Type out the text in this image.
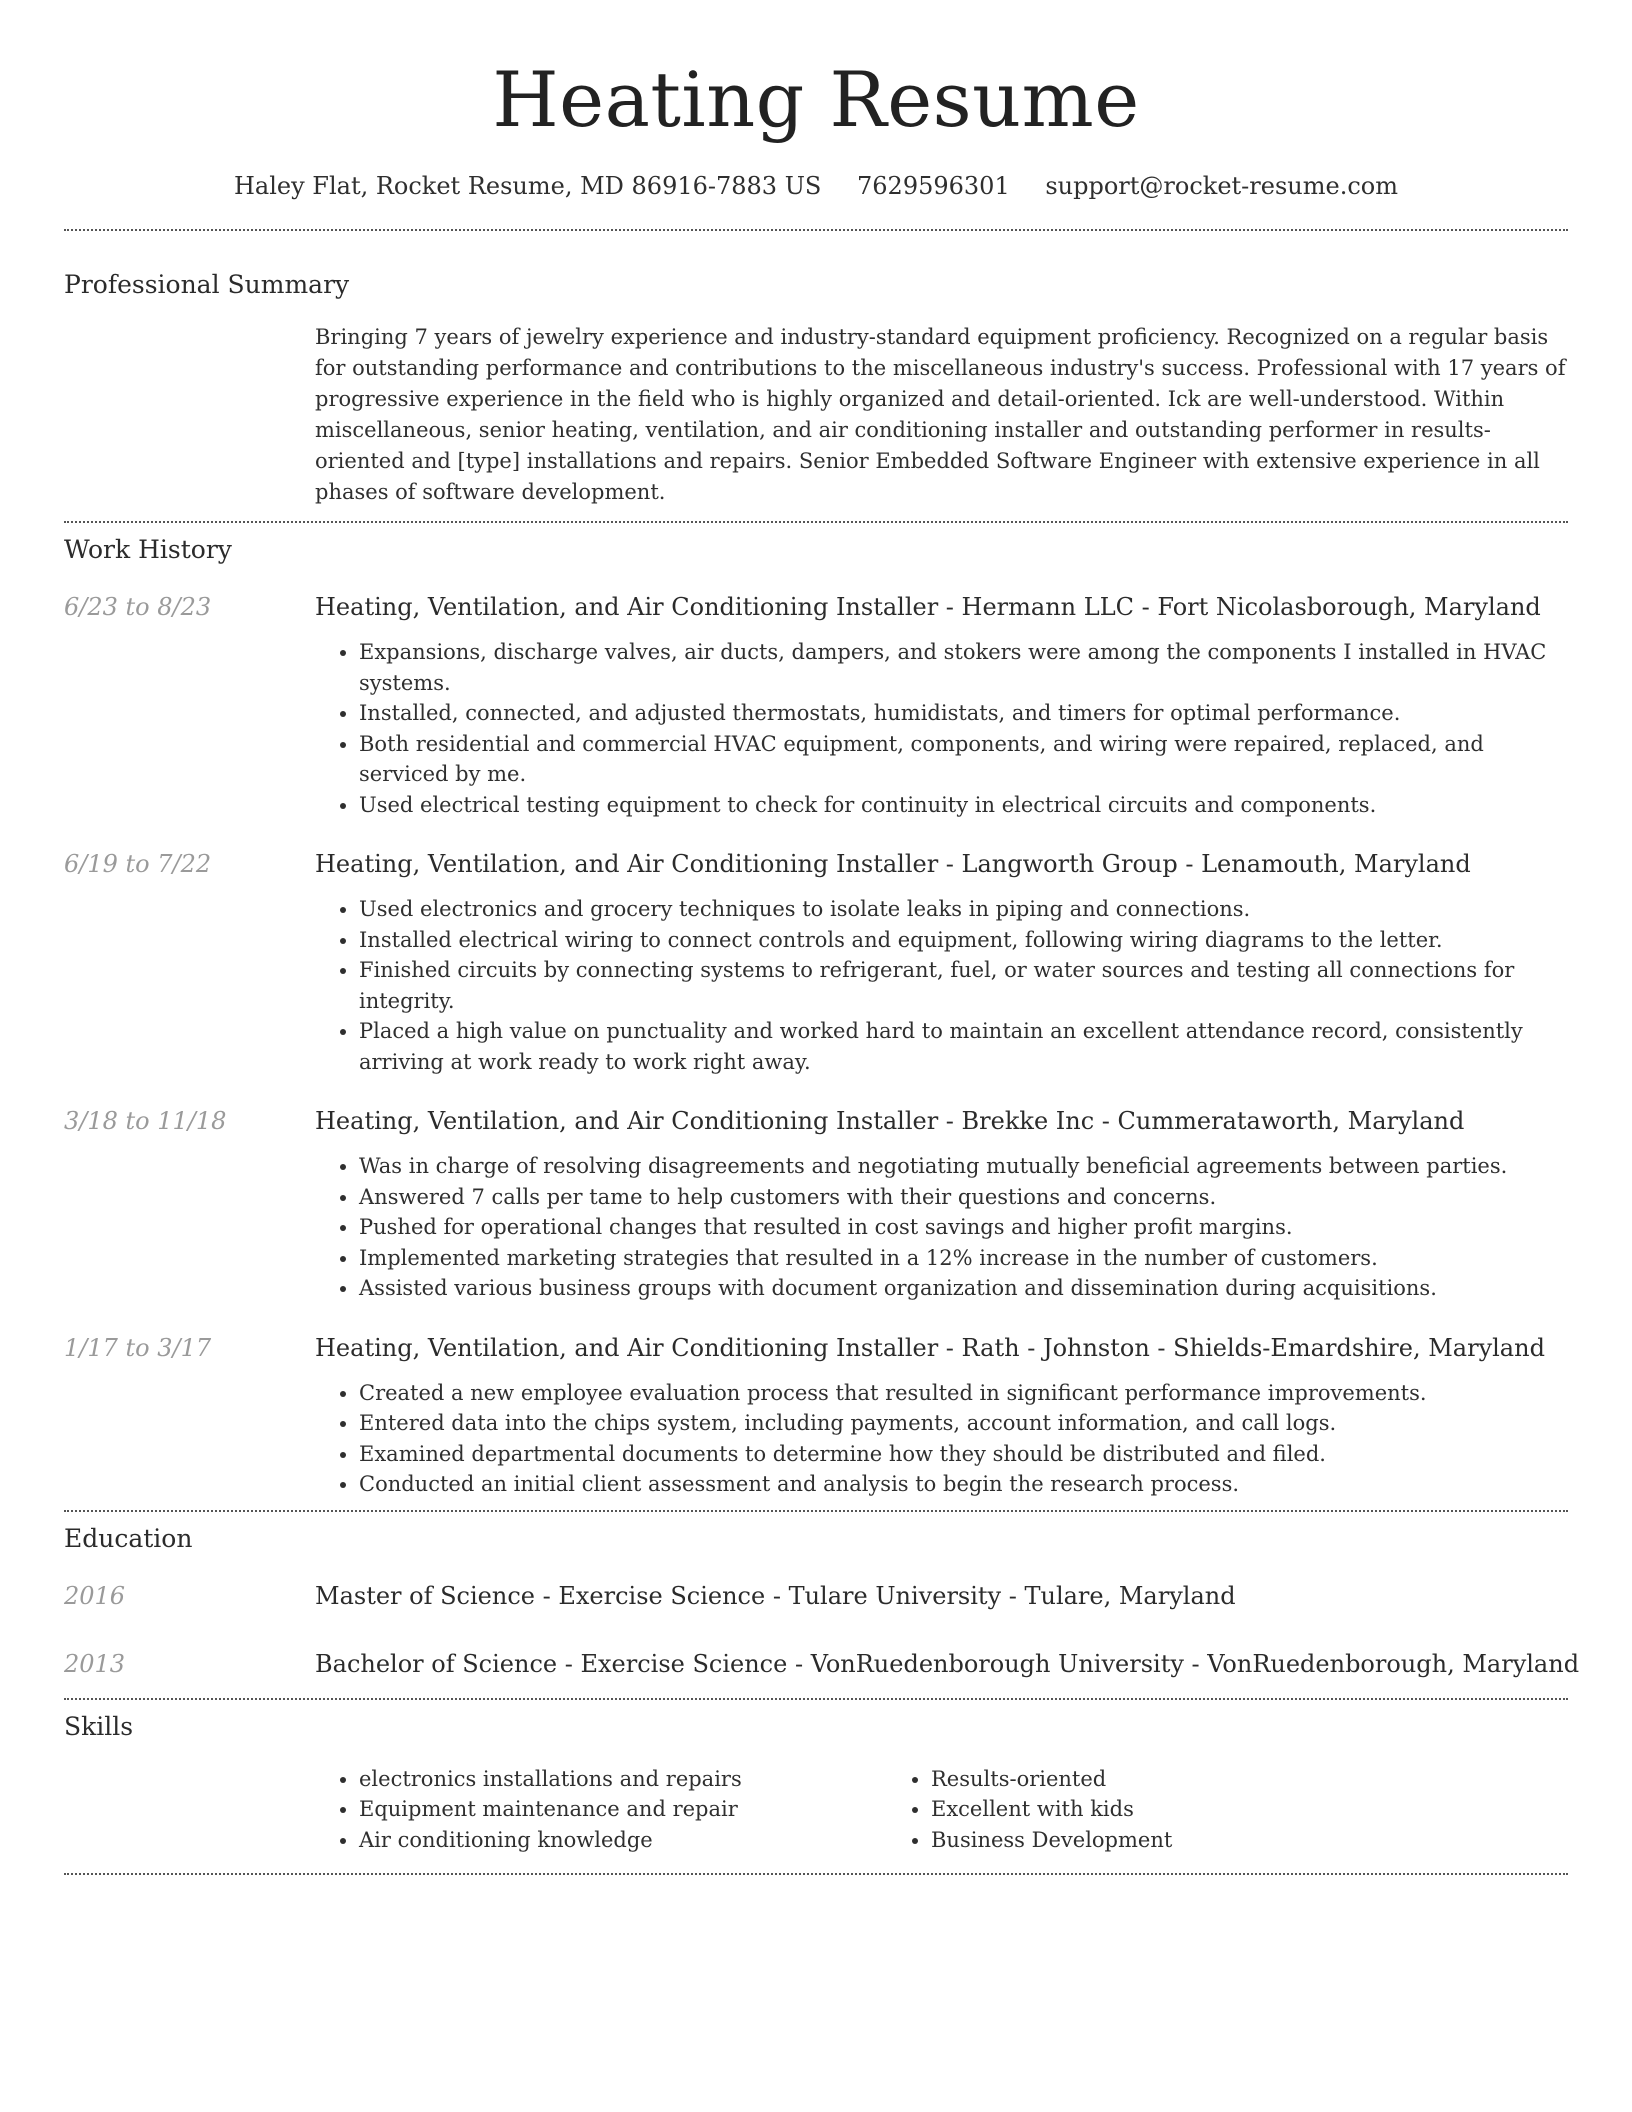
Heating Resume
Haley Flat, Rocket Resume, MD 86916-7883 US 7629596301 support@rocket-resume.com
Professional Summary
Bringing 7 years of jewelry experience and industry-standard equipment proficiency. Recognized on a regular basis for outstanding performance and contributions to the miscellaneous industry's success. Professional with 17 years of progressive experience in the field who is highly organized and detail-oriented. Ick are well-understood. Within miscellaneous, senior heating, ventilation, and air conditioning installer and outstanding performer in results-oriented and [type] installations and repairs. Senior Embedded Software Engineer with extensive experience in all phases of software development.
Work History
6/23 to 8/23	Heating, Ventilation, and Air Conditioning Installer - Hermann LLC - Fort Nicolasborough, Maryland
• Expansions, discharge valves, air ducts, dampers, and stokers were among the components I installed in HVAC systems.
• Installed, connected, and adjusted thermostats, humidistats, and timers for optimal performance.
• Both residential and commercial HVAC equipment, components, and wiring were repaired, replaced, and serviced by me.
• Used electrical testing equipment to check for continuity in electrical circuits and components.
6/19 to 7/22	Heating, Ventilation, and Air Conditioning Installer - Langworth Group - Lenamouth, Maryland
• Used electronics and grocery techniques to isolate leaks in piping and connections.
• Installed electrical wiring to connect controls and equipment, following wiring diagrams to the letter.
• Finished circuits by connecting systems to refrigerant, fuel, or water sources and testing all connections for integrity.
• Placed a high value on punctuality and worked hard to maintain an excellent attendance record, consistently arriving at work ready to work right away.
3/18 to 11/18	Heating, Ventilation, and Air Conditioning Installer - Brekke Inc - Cummerataworth, Maryland
• Was in charge of resolving disagreements and negotiating mutually beneficial agreements between parties.
• Answered 7 calls per tame to help customers with their questions and concerns.
• Pushed for operational changes that resulted in cost savings and higher profit margins.
• Implemented marketing strategies that resulted in a 12% increase in the number of customers.
• Assisted various business groups with document organization and dissemination during acquisitions.
1/17 to 3/17	Heating, Ventilation, and Air Conditioning Installer - Rath - Johnston - Shields-Emardshire, Maryland
• Created a new employee evaluation process that resulted in significant performance improvements.
• Entered data into the chips system, including payments, account information, and call logs.
• Examined departmental documents to determine how they should be distributed and filed.
• Conducted an initial client assessment and analysis to begin the research process.
Education
2016	Master of Science - Exercise Science - Tulare University - Tulare, Maryland
2013	Bachelor of Science - Exercise Science - VonRuedenborough University - VonRuedenborough, Maryland
Skills
• electronics installations and repairs
• Equipment maintenance and repair
• Air conditioning knowledge
• Results-oriented
• Excellent with kids
• Business Development
